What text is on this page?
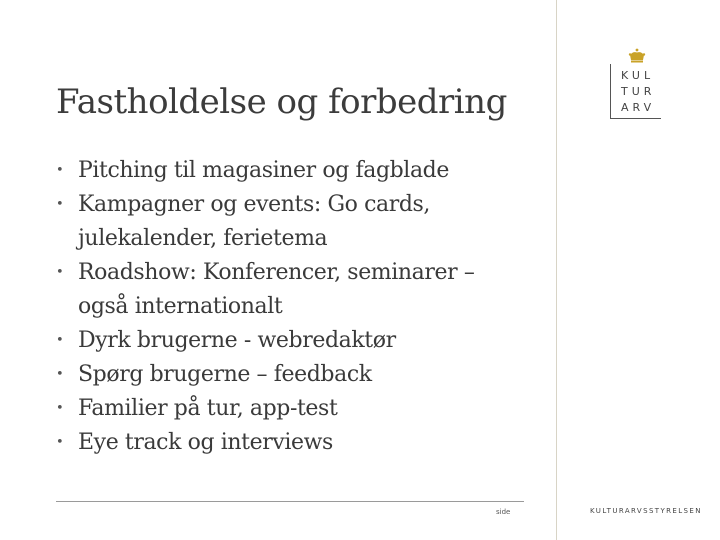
Fastholdelse og forbedring
• Pitching til magasiner og fagblade
• Kampagner og events: Go cards,
julekalender, ferietema
• Roadshow: Konferencer, seminarer –
også internationalt
• Dyrk brugerne - webredaktør
• Spørg brugerne – feedback
• Familier på tur, app-test
• Eye track og interviews
KUL
TUR
ARV
side	KULTURARVSSTYRELSEN
